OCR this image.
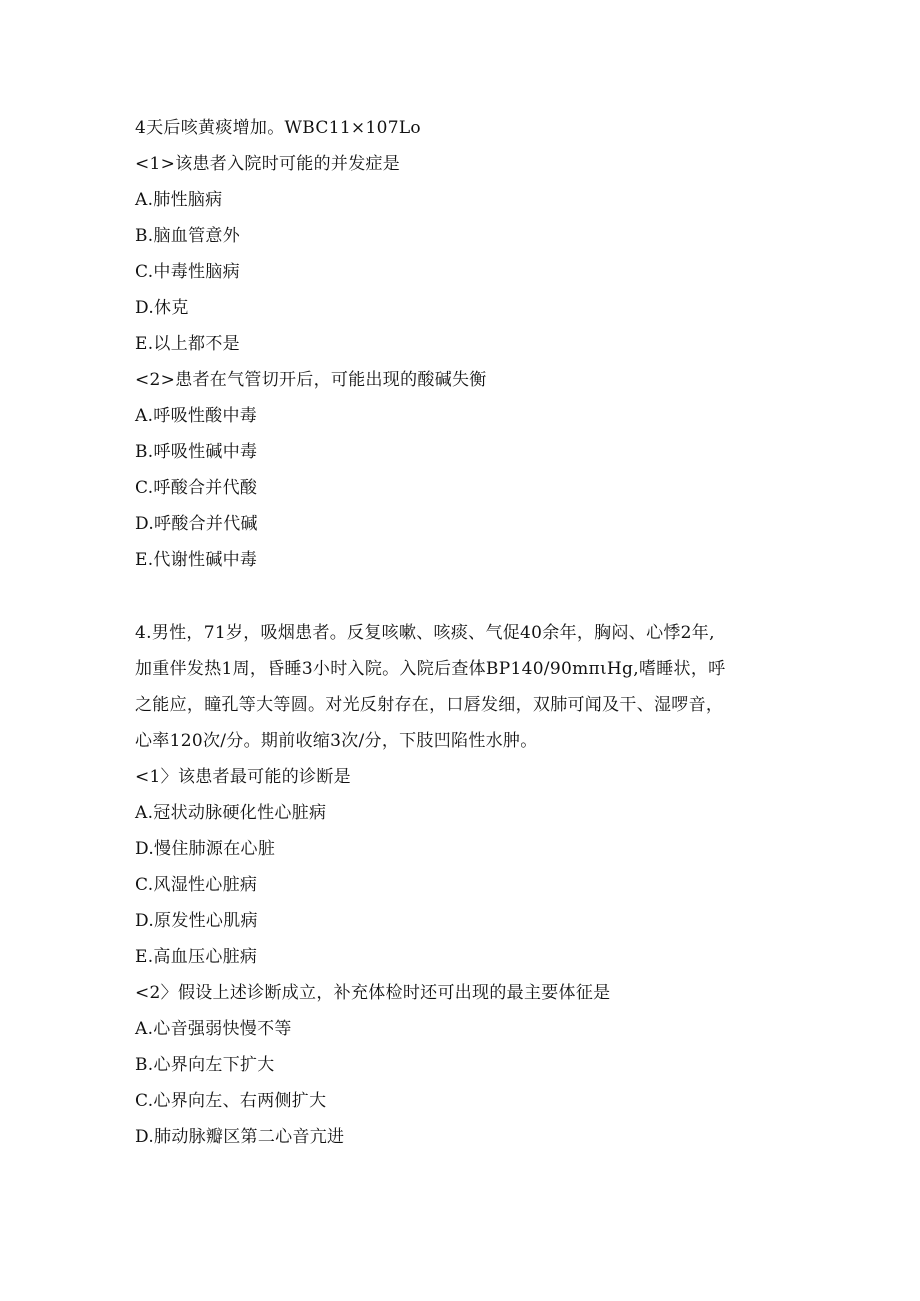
4天后咳黄痰增加。WBC11×107Lo
<1>该患者入院时可能的并发症是
A.肺性脑病
B.脑血管意外
C.中毒性脑病
D.休克
E.以上都不是
<2>患者在气管切开后，可能出现的酸碱失衡
A.呼吸性酸中毒
B.呼吸性碱中毒
C.呼酸合并代酸
D.呼酸合并代碱
E.代谢性碱中毒
4.男性，71岁，吸烟患者。反复咳嗽、咳痰、气促40余年，胸闷、心悸2年,
加重伴发热1周，昏睡3小时入院。入院后查体BP140/90mπιHg,嗜睡状，呼
之能应，瞳孔等大等圆。对光反射存在，口唇发细，双肺可闻及干、湿啰音，
心率120次/分。期前收缩3次/分，下肢凹陷性水肿。
<1〉该患者最可能的诊断是
A.冠状动脉硬化性心脏病
D.慢住肺源在心脏
C.风湿性心脏病
D.原发性心肌病
E.高血压心脏病
<2〉假设上述诊断成立，补充体检时还可出现的最主要体征是
A.心音强弱快慢不等
B.心界向左下扩大
C.心界向左、右两侧扩大
D.肺动脉瓣区第二心音亢进
